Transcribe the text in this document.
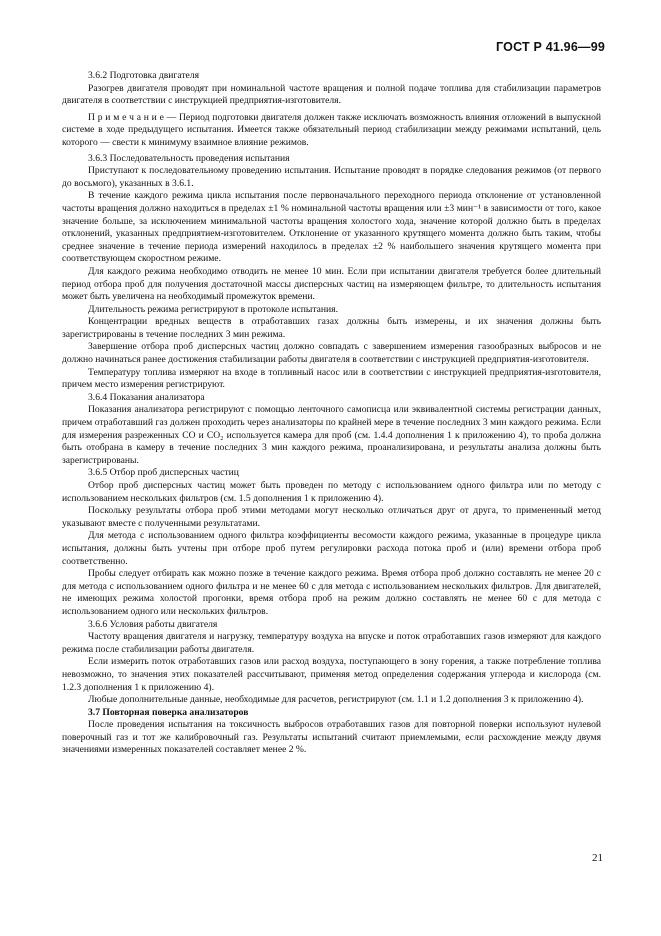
ГОСТ Р 41.96—99

3.6.2 Подготовка двигателя

Разогрев двигателя проводят при номинальной частоте вращения и полной подаче топлива для стабилизации параметров двигателя в соответствии с инструкцией предприятия-изготовителя.

П р и м е ч а н и е — Период подготовки двигателя должен также исключать возможность влияния отложений в выпускной системе в ходе предыдущего испытания. Имеется также обязательный период стабилизации между режимами испытаний, цель которого — свести к минимуму взаимное влияние режимов.

3.6.3 Последовательность проведения испытания

Приступают к последовательному проведению испытания. Испытание проводят в порядке следования режимов (от первого до восьмого), указанных в 3.6.1.

В течение каждого режима цикла испытания после первоначального переходного периода отклонение от установленной частоты вращения должно находиться в пределах ±1 % номинальной частоты вращения или ±3 мин⁻¹ в зависимости от того, какое значение больше, за исключением минимальной частоты вращения холостого хода, значение которой должно быть в пределах отклонений, указанных предприятием-изготовителем. Отклонение от указанного крутящего момента должно быть таким, чтобы среднее значение в течение периода измерений находилось в пределах ±2 % наибольшего значения крутящего момента при соответствующем скоростном режиме.

Для каждого режима необходимо отводить не менее 10 мин. Если при испытании двигателя требуется более длительный период отбора проб для получения достаточной массы дисперсных частиц на измеряющем фильтре, то длительность испытания может быть увеличена на необходимый промежуток времени.

Длительность режима регистрируют в протоколе испытания.

Концентрации вредных веществ в отработавших газах должны быть измерены, и их значения должны быть зарегистрированы в течение последних 3 мин режима.

Завершение отбора проб дисперсных частиц должно совпадать с завершением измерения газообразных выбросов и не должно начинаться ранее достижения стабилизации работы двигателя в соответствии с инструкцией предприятия-изготовителя.

Температуру топлива измеряют на входе в топливный насос или в соответствии с инструкцией предприятия-изготовителя, причем место измерения регистрируют.

3.6.4 Показания анализатора

Показания анализатора регистрируют с помощью ленточного самописца или эквивалентной системы регистрации данных, причем отработавший газ должен проходить через анализаторы по крайней мере в течение последних 3 мин каждого режима. Если для измерения разреженных CO и CO₂ используется камера для проб (см. 1.4.4 дополнения 1 к приложению 4), то проба должна быть отобрана в камеру в течение последних 3 мин каждого режима, проанализирована, и результаты анализа должны быть зарегистрированы.

3.6.5 Отбор проб дисперсных частиц

Отбор проб дисперсных частиц может быть проведен по методу с использованием одного фильтра или по методу с использованием нескольких фильтров (см. 1.5 дополнения 1 к приложению 4).

Поскольку результаты отбора проб этими методами могут несколько отличаться друг от друга, то примененный метод указывают вместе с полученными результатами.

Для метода с использованием одного фильтра коэффициенты весомости каждого режима, указанные в процедуре цикла испытания, должны быть учтены при отборе проб путем регулировки расхода потока проб и (или) времени отбора проб соответственно.

Пробы следует отбирать как можно позже в течение каждого режима. Время отбора проб должно составлять не менее 20 с для метода с использованием одного фильтра и не менее 60 с для метода с использованием нескольких фильтров. Для двигателей, не имеющих режима холостой прогонки, время отбора проб на режим должно составлять не менее 60 с для метода с использованием одного или нескольких фильтров.

3.6.6 Условия работы двигателя

Частоту вращения двигателя и нагрузку, температуру воздуха на впуске и поток отработавших газов измеряют для каждого режима после стабилизации работы двигателя.

Если измерить поток отработавших газов или расход воздуха, поступающего в зону горения, а также потребление топлива невозможно, то значения этих показателей рассчитывают, применяя метод определения содержания углерода и кислорода (см. 1.2.3 дополнения 1 к приложению 4).

Любые дополнительные данные, необходимые для расчетов, регистрируют (см. 1.1 и 1.2 дополнения 3 к приложению 4).

3.7 Повторная поверка анализаторов

После проведения испытания на токсичность выбросов отработавших газов для повторной поверки используют нулевой поверочный газ и тот же калибровочный газ. Результаты испытаний считают приемлемыми, если расхождение между двумя значениями измеренных показателей составляет менее 2 %.

21
